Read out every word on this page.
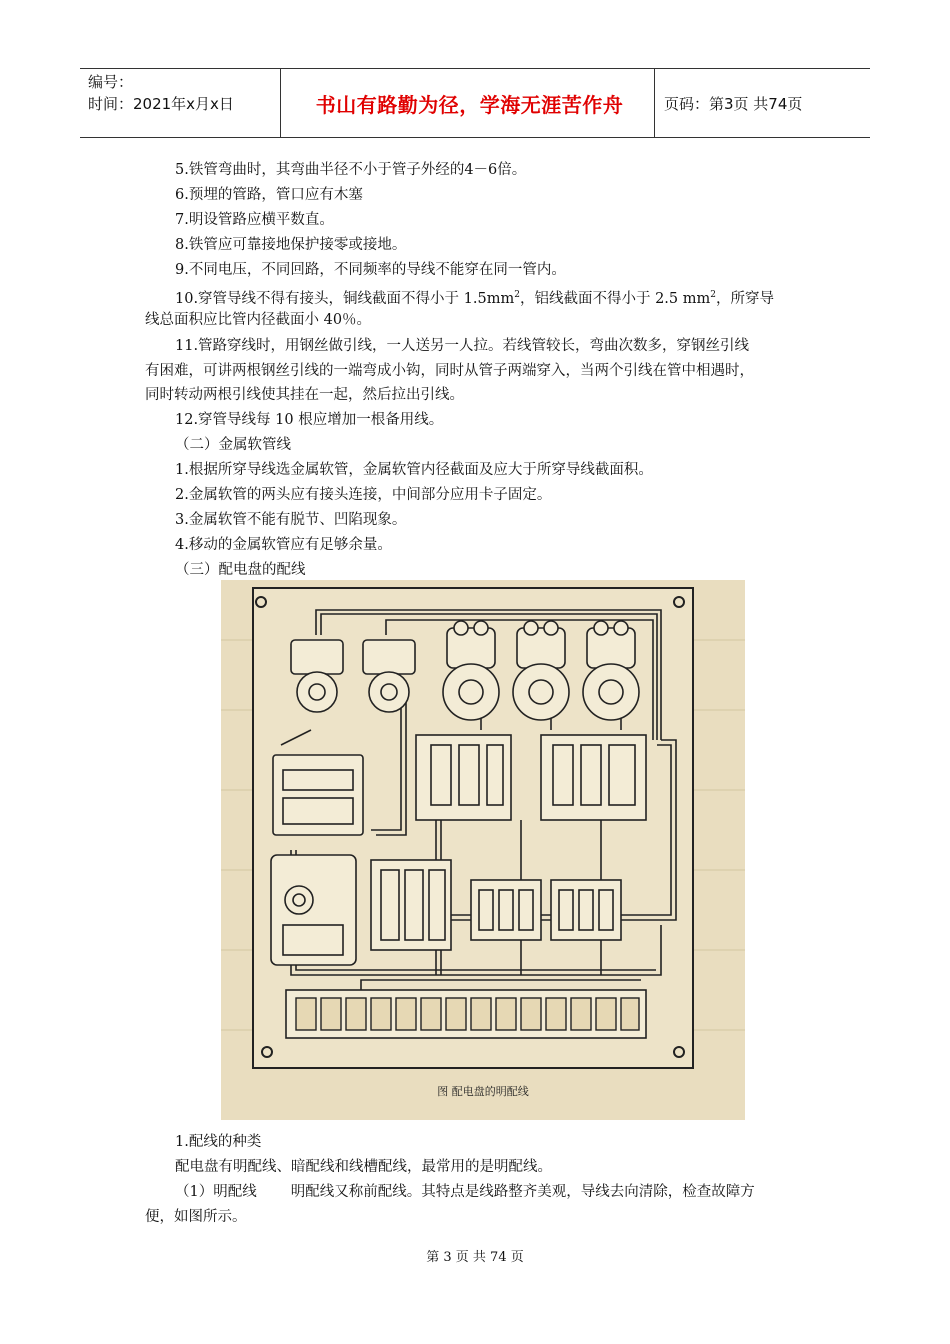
编号：
时间：2021年x月x日	书山有路勤为径，学海无涯苦作舟	页码：第3页 共74页
5.铁管弯曲时，其弯曲半径不小于管子外经的4－6倍。
6.预埋的管路，管口应有木塞
7.明设管路应横平数直。
8.铁管应可靠接地保护接零或接地。
9.不同电压，不同回路，不同频率的导线不能穿在同一管内。
10.穿管导线不得有接头，铜线截面不得小于 $1.5mm^2$，铝线截面不得小于 2.5 $mm^2$，所穿导
线总面积应比管内径截面小 40％。
11.管路穿线时，用钢丝做引线，一人送另一人拉。若线管较长，弯曲次数多，穿钢丝引线
有困难，可讲两根钢丝引线的一端弯成小钩，同时从管子两端穿入，当两个引线在管中相遇时，
同时转动两根引线使其挂在一起，然后拉出引线。
12.穿管导线每 10 根应增加一根备用线。
（二）金属软管线
1.根据所穿导线选金属软管，金属软管内径截面及应大于所穿导线截面积。
2.金属软管的两头应有接头连接，中间部分应用卡子固定。
3.金属软管不能有脱节、凹陷现象。
4.移动的金属软管应有足够余量。
（三）配电盘的配线
图 配电盘的明配线
1.配线的种类
配电盘有明配线、暗配线和线槽配线，最常用的是明配线。
（1）明配线 明配线又称前配线。其特点是线路整齐美观，导线去向清除，检查故障方
便，如图所示。
第 3 页 共 74 页
